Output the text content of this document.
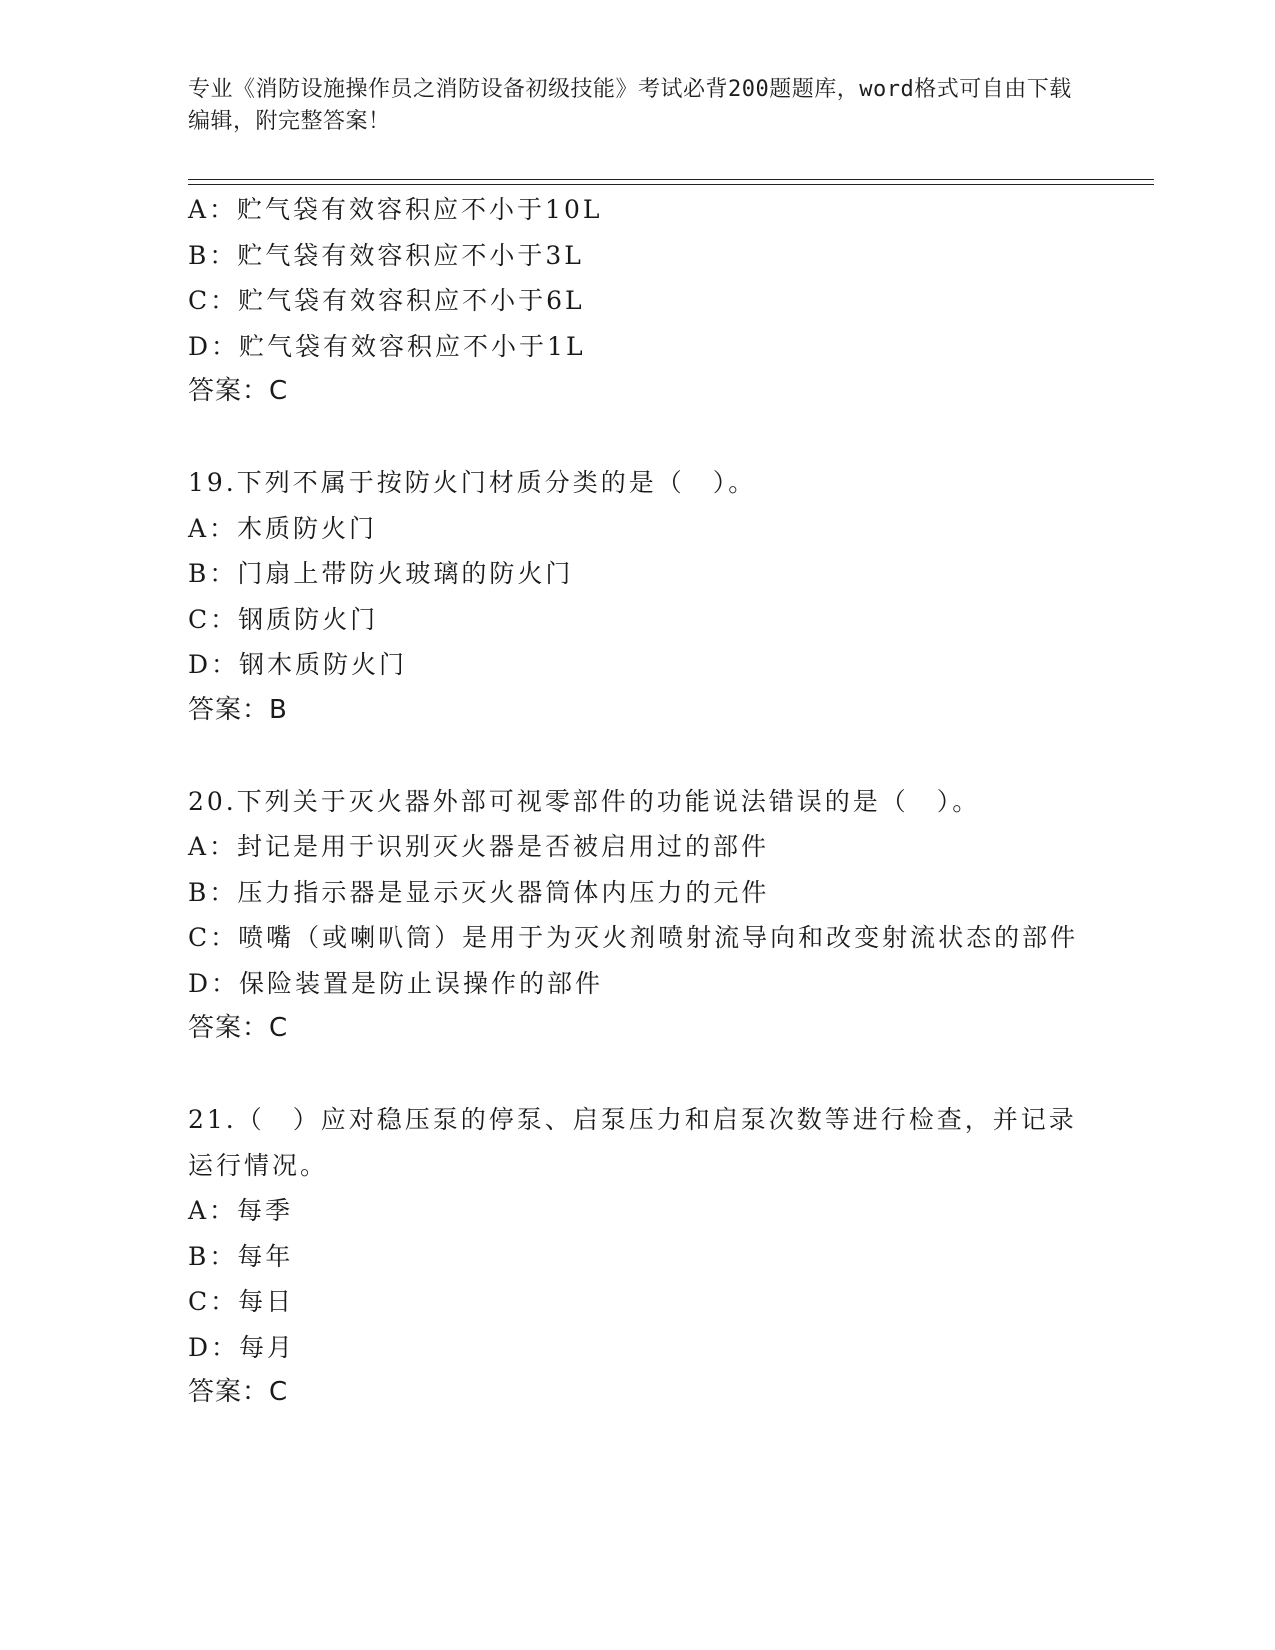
专业《消防设施操作员之消防设备初级技能》考试必背200题题库，word格式可自由下载编辑，附完整答案！
A：贮气袋有效容积应不小于10L
B：贮气袋有效容积应不小于3L
C：贮气袋有效容积应不小于6L
D：贮气袋有效容积应不小于1L
答案：C
19.下列不属于按防火门材质分类的是（　）。
A：木质防火门
B：门扇上带防火玻璃的防火门
C：钢质防火门
D：钢木质防火门
答案：B
20.下列关于灭火器外部可视零部件的功能说法错误的是（　）。
A：封记是用于识别灭火器是否被启用过的部件
B：压力指示器是显示灭火器筒体内压力的元件
C：喷嘴（或喇叭筒）是用于为灭火剂喷射流导向和改变射流状态的部件
D：保险装置是防止误操作的部件
答案：C
21.（　）应对稳压泵的停泵、启泵压力和启泵次数等进行检查，并记录运行情况。
A：每季
B：每年
C：每日
D：每月
答案：C
